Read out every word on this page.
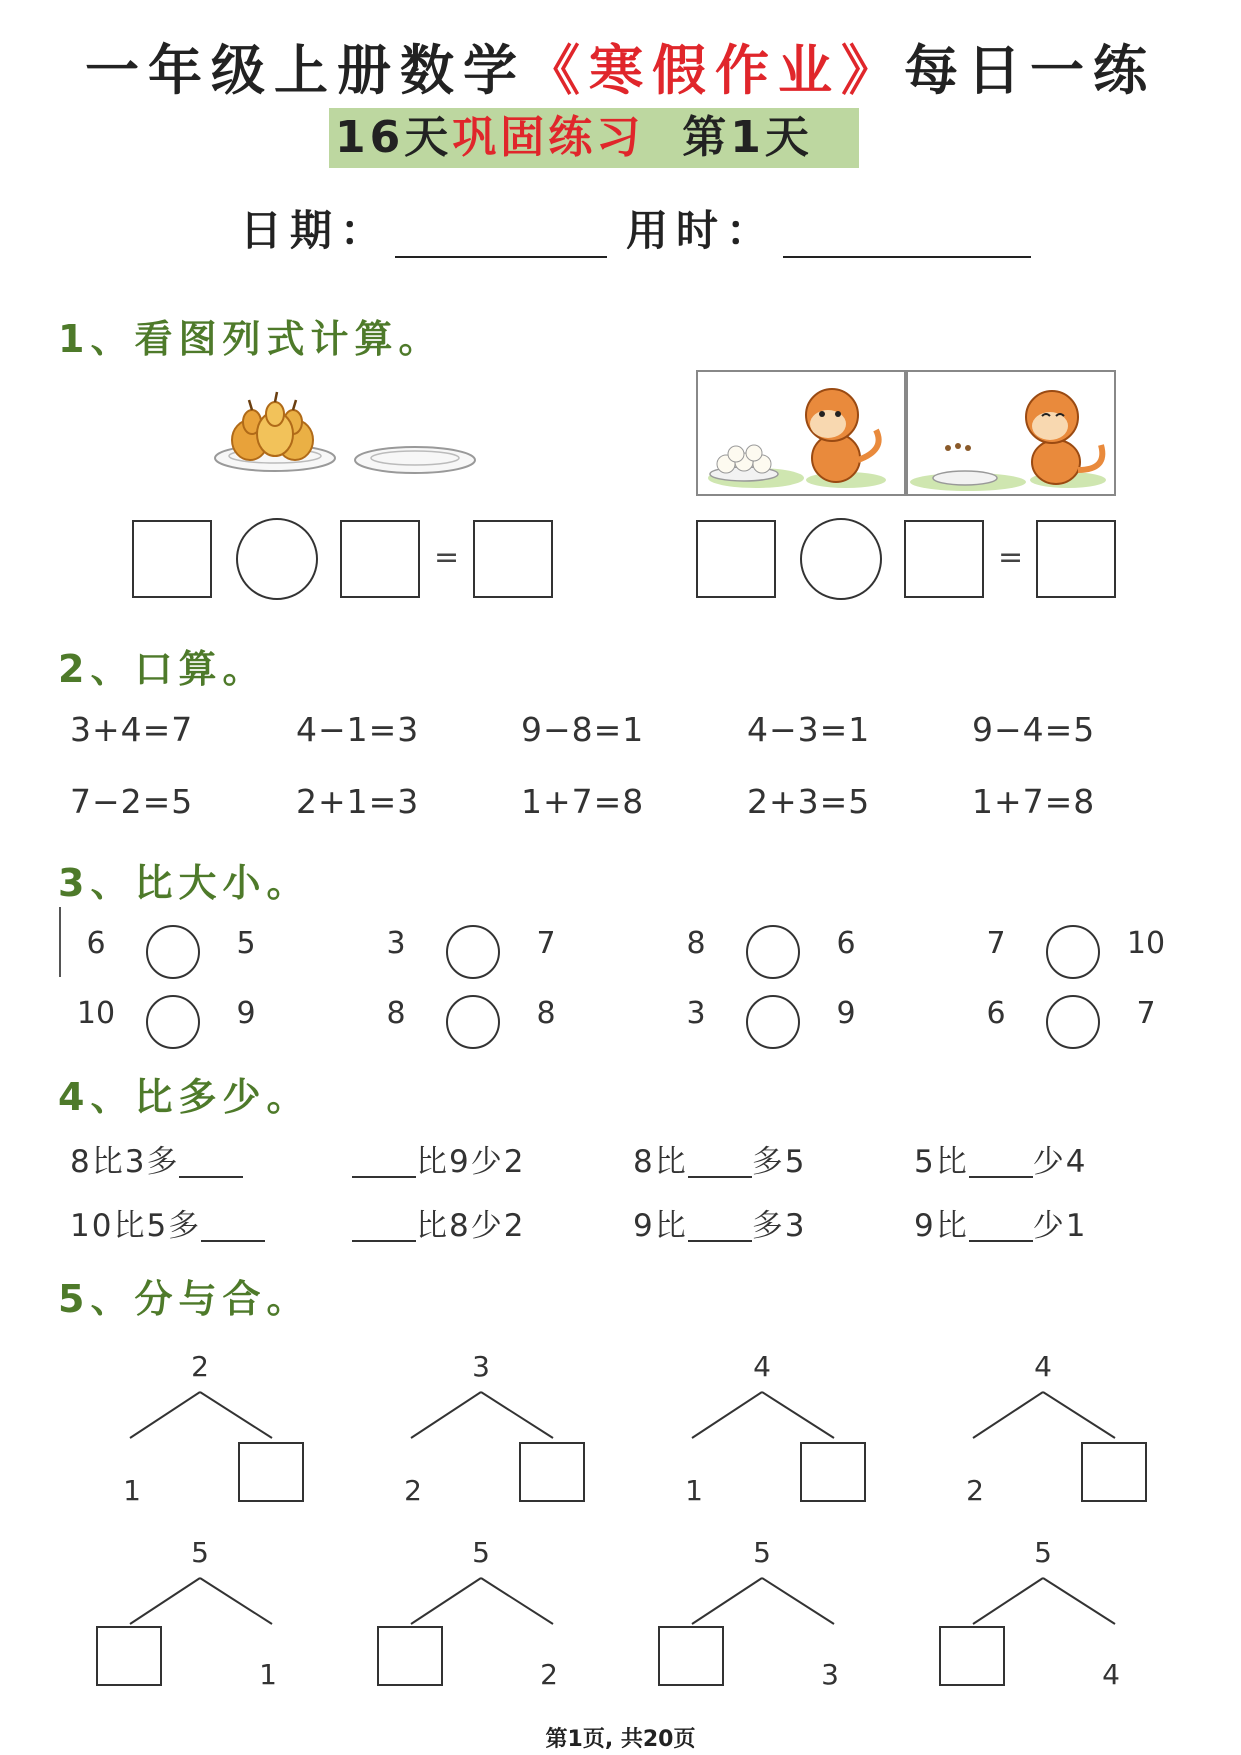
一年级上册数学《寒假作业》每日一练
16天巩固练习 第1天
日期：	用时：
1、看图列式计算。
=	=
2、口算。
3+4=7	4−1=3	9−8=1	4−3=1	9−4=5
7−2=5	2+1=3	1+7=8	2+3=5	1+7=8
3、比大小。
6	5	3	7	8	6	7	10
10	9	8	8	3	9	6	7
4、比多少。
8比3多	比9少2	8比 多5	5比 少4
10比5多	比8少2	9比 多3	9比 少1
5、分与合。
2
1
3
2
4
1
4
2
5
1
5
2
5
3
5
4
第1页, 共20页
